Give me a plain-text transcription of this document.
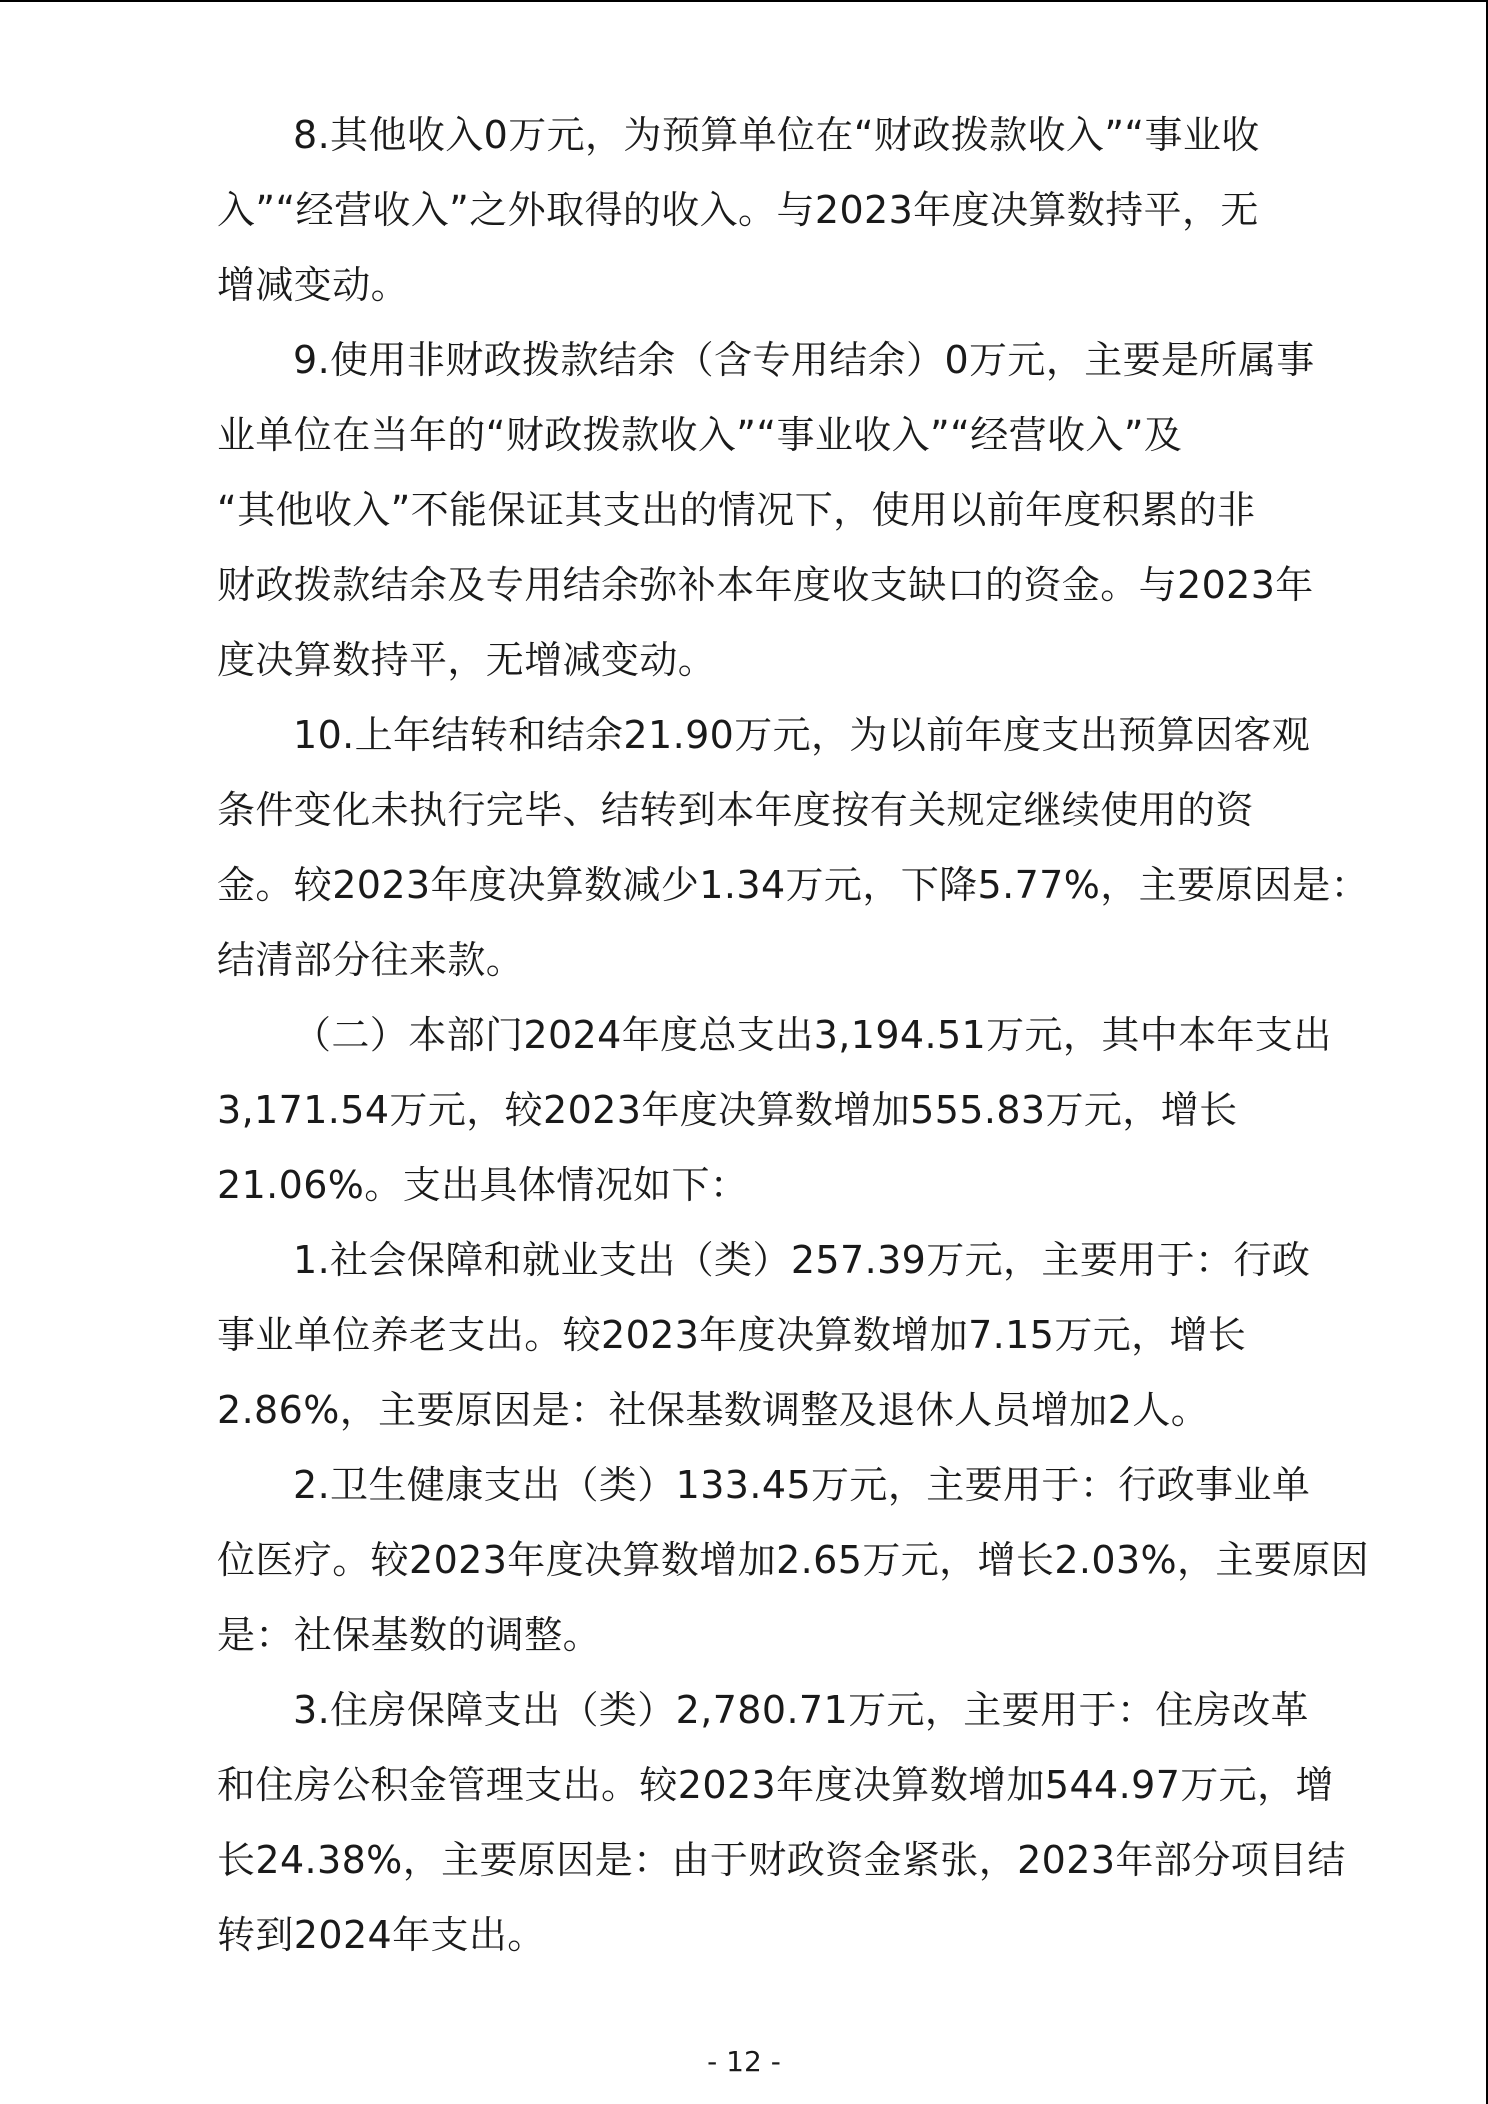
8.其他收入0万元，为预算单位在“财政拨款收入”“事业收
入”“经营收入”之外取得的收入。与2023年度决算数持平，无
增减变动。

9.使用非财政拨款结余（含专用结余）0万元，主要是所属事
业单位在当年的“财政拨款收入”“事业收入”“经营收入”及
“其他收入”不能保证其支出的情况下，使用以前年度积累的非
财政拨款结余及专用结余弥补本年度收支缺口的资金。与2023年
度决算数持平，无增减变动。

10.上年结转和结余21.90万元，为以前年度支出预算因客观
条件变化未执行完毕、结转到本年度按有关规定继续使用的资
金。较2023年度决算数减少1.34万元，下降5.77%，主要原因是：
结清部分往来款。

（二）本部门2024年度总支出3,194.51万元，其中本年支出
3,171.54万元，较2023年度决算数增加555.83万元，增长
21.06%。支出具体情况如下：

1.社会保障和就业支出（类）257.39万元，主要用于：行政
事业单位养老支出。较2023年度决算数增加7.15万元，增长
2.86%，主要原因是：社保基数调整及退休人员增加2人。

2.卫生健康支出（类）133.45万元，主要用于：行政事业单
位医疗。较2023年度决算数增加2.65万元，增长2.03%，主要原因
是：社保基数的调整。

3.住房保障支出（类）2,780.71万元，主要用于：住房改革
和住房公积金管理支出。较2023年度决算数增加544.97万元，增
长24.38%，主要原因是：由于财政资金紧张，2023年部分项目结
转到2024年支出。

- 12 -
